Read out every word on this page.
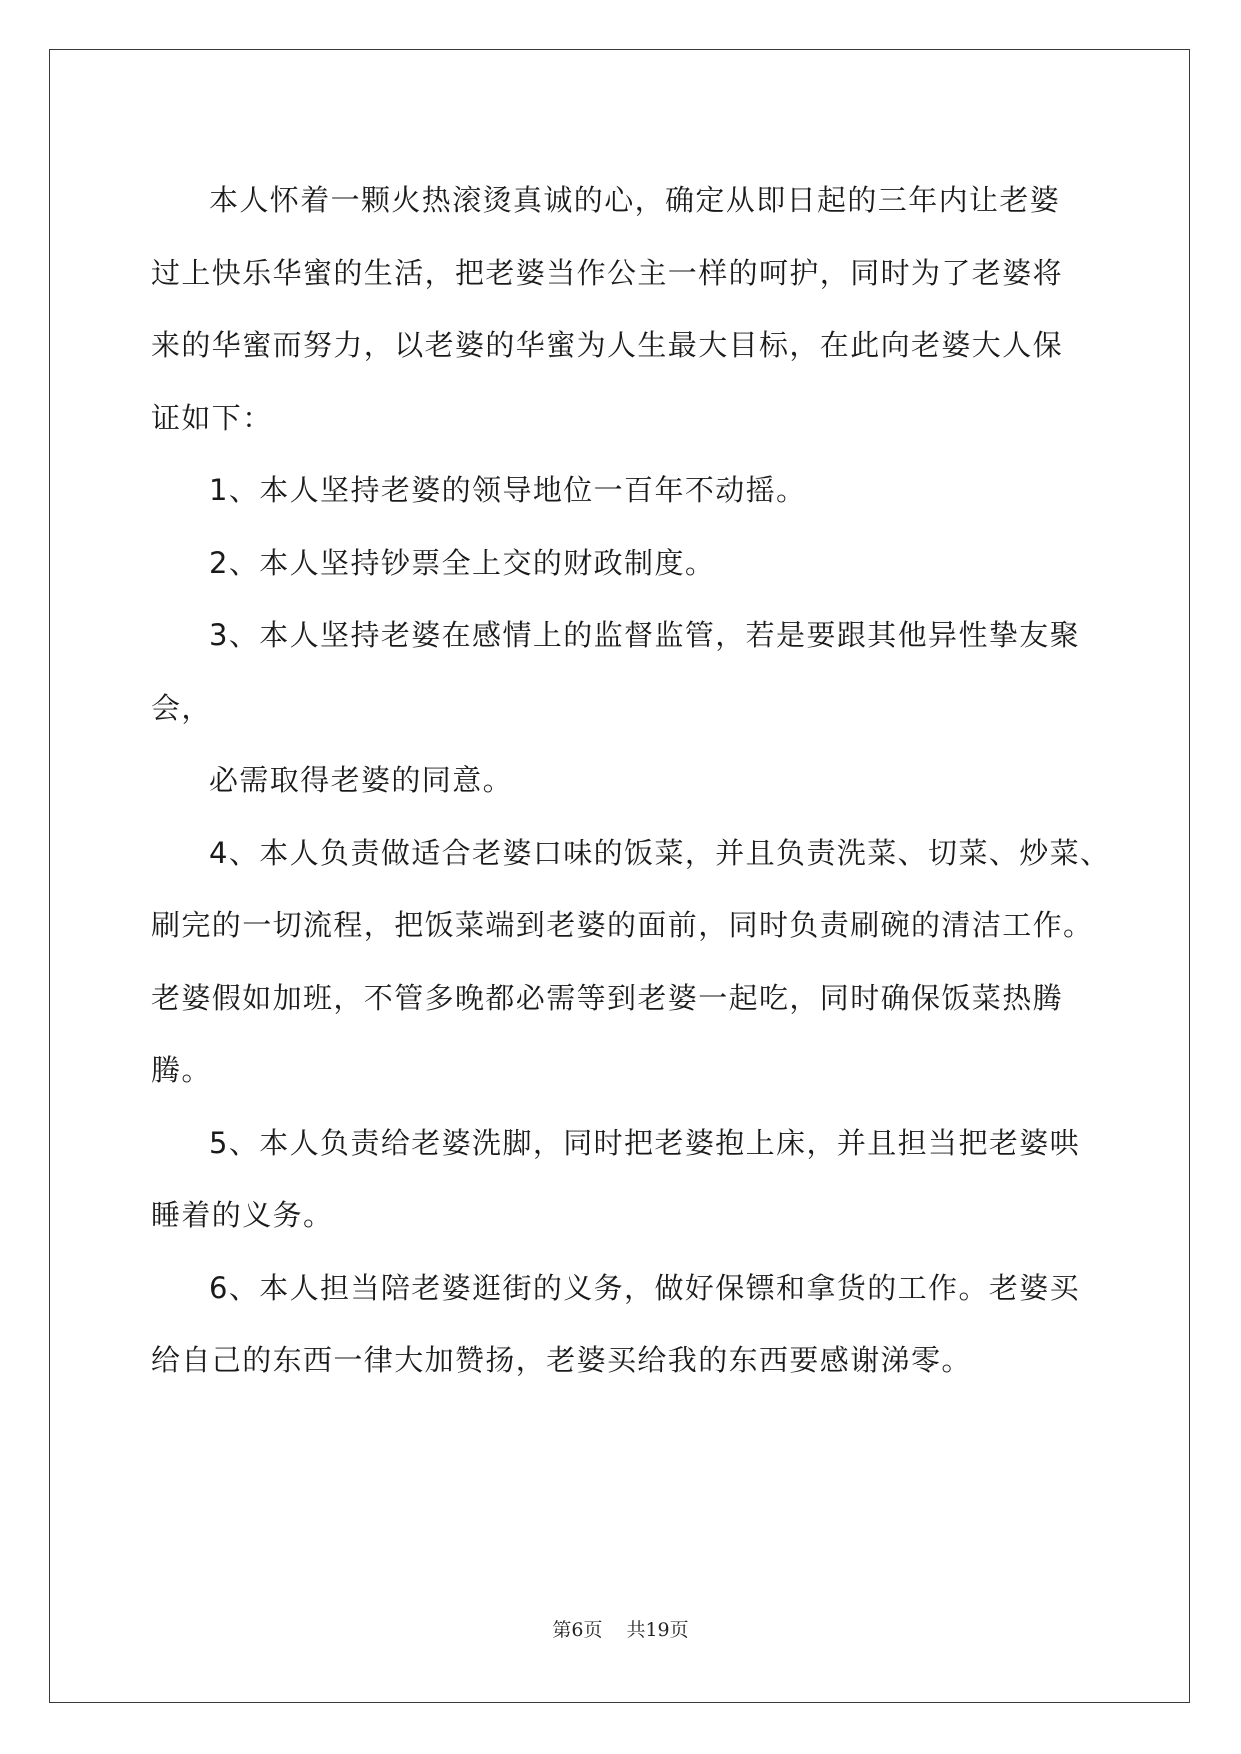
本人怀着一颗火热滚烫真诚的心，确定从即日起的三年内让老婆
过上快乐华蜜的生活，把老婆当作公主一样的呵护，同时为了老婆将
来的华蜜而努力，以老婆的华蜜为人生最大目标，在此向老婆大人保
证如下：
1、本人坚持老婆的领导地位一百年不动摇。
2、本人坚持钞票全上交的财政制度。
3、本人坚持老婆在感情上的监督监管，若是要跟其他异性挚友聚
会，
必需取得老婆的同意。
4、本人负责做适合老婆口味的饭菜，并且负责洗菜、切菜、炒菜、
刷完的一切流程，把饭菜端到老婆的面前，同时负责刷碗的清洁工作。
老婆假如加班，不管多晚都必需等到老婆一起吃，同时确保饭菜热腾
腾。
5、本人负责给老婆洗脚，同时把老婆抱上床，并且担当把老婆哄
睡着的义务。
6、本人担当陪老婆逛街的义务，做好保镖和拿货的工作。老婆买
给自己的东西一律大加赞扬，老婆买给我的东西要感谢涕零。
第6页 共19页
